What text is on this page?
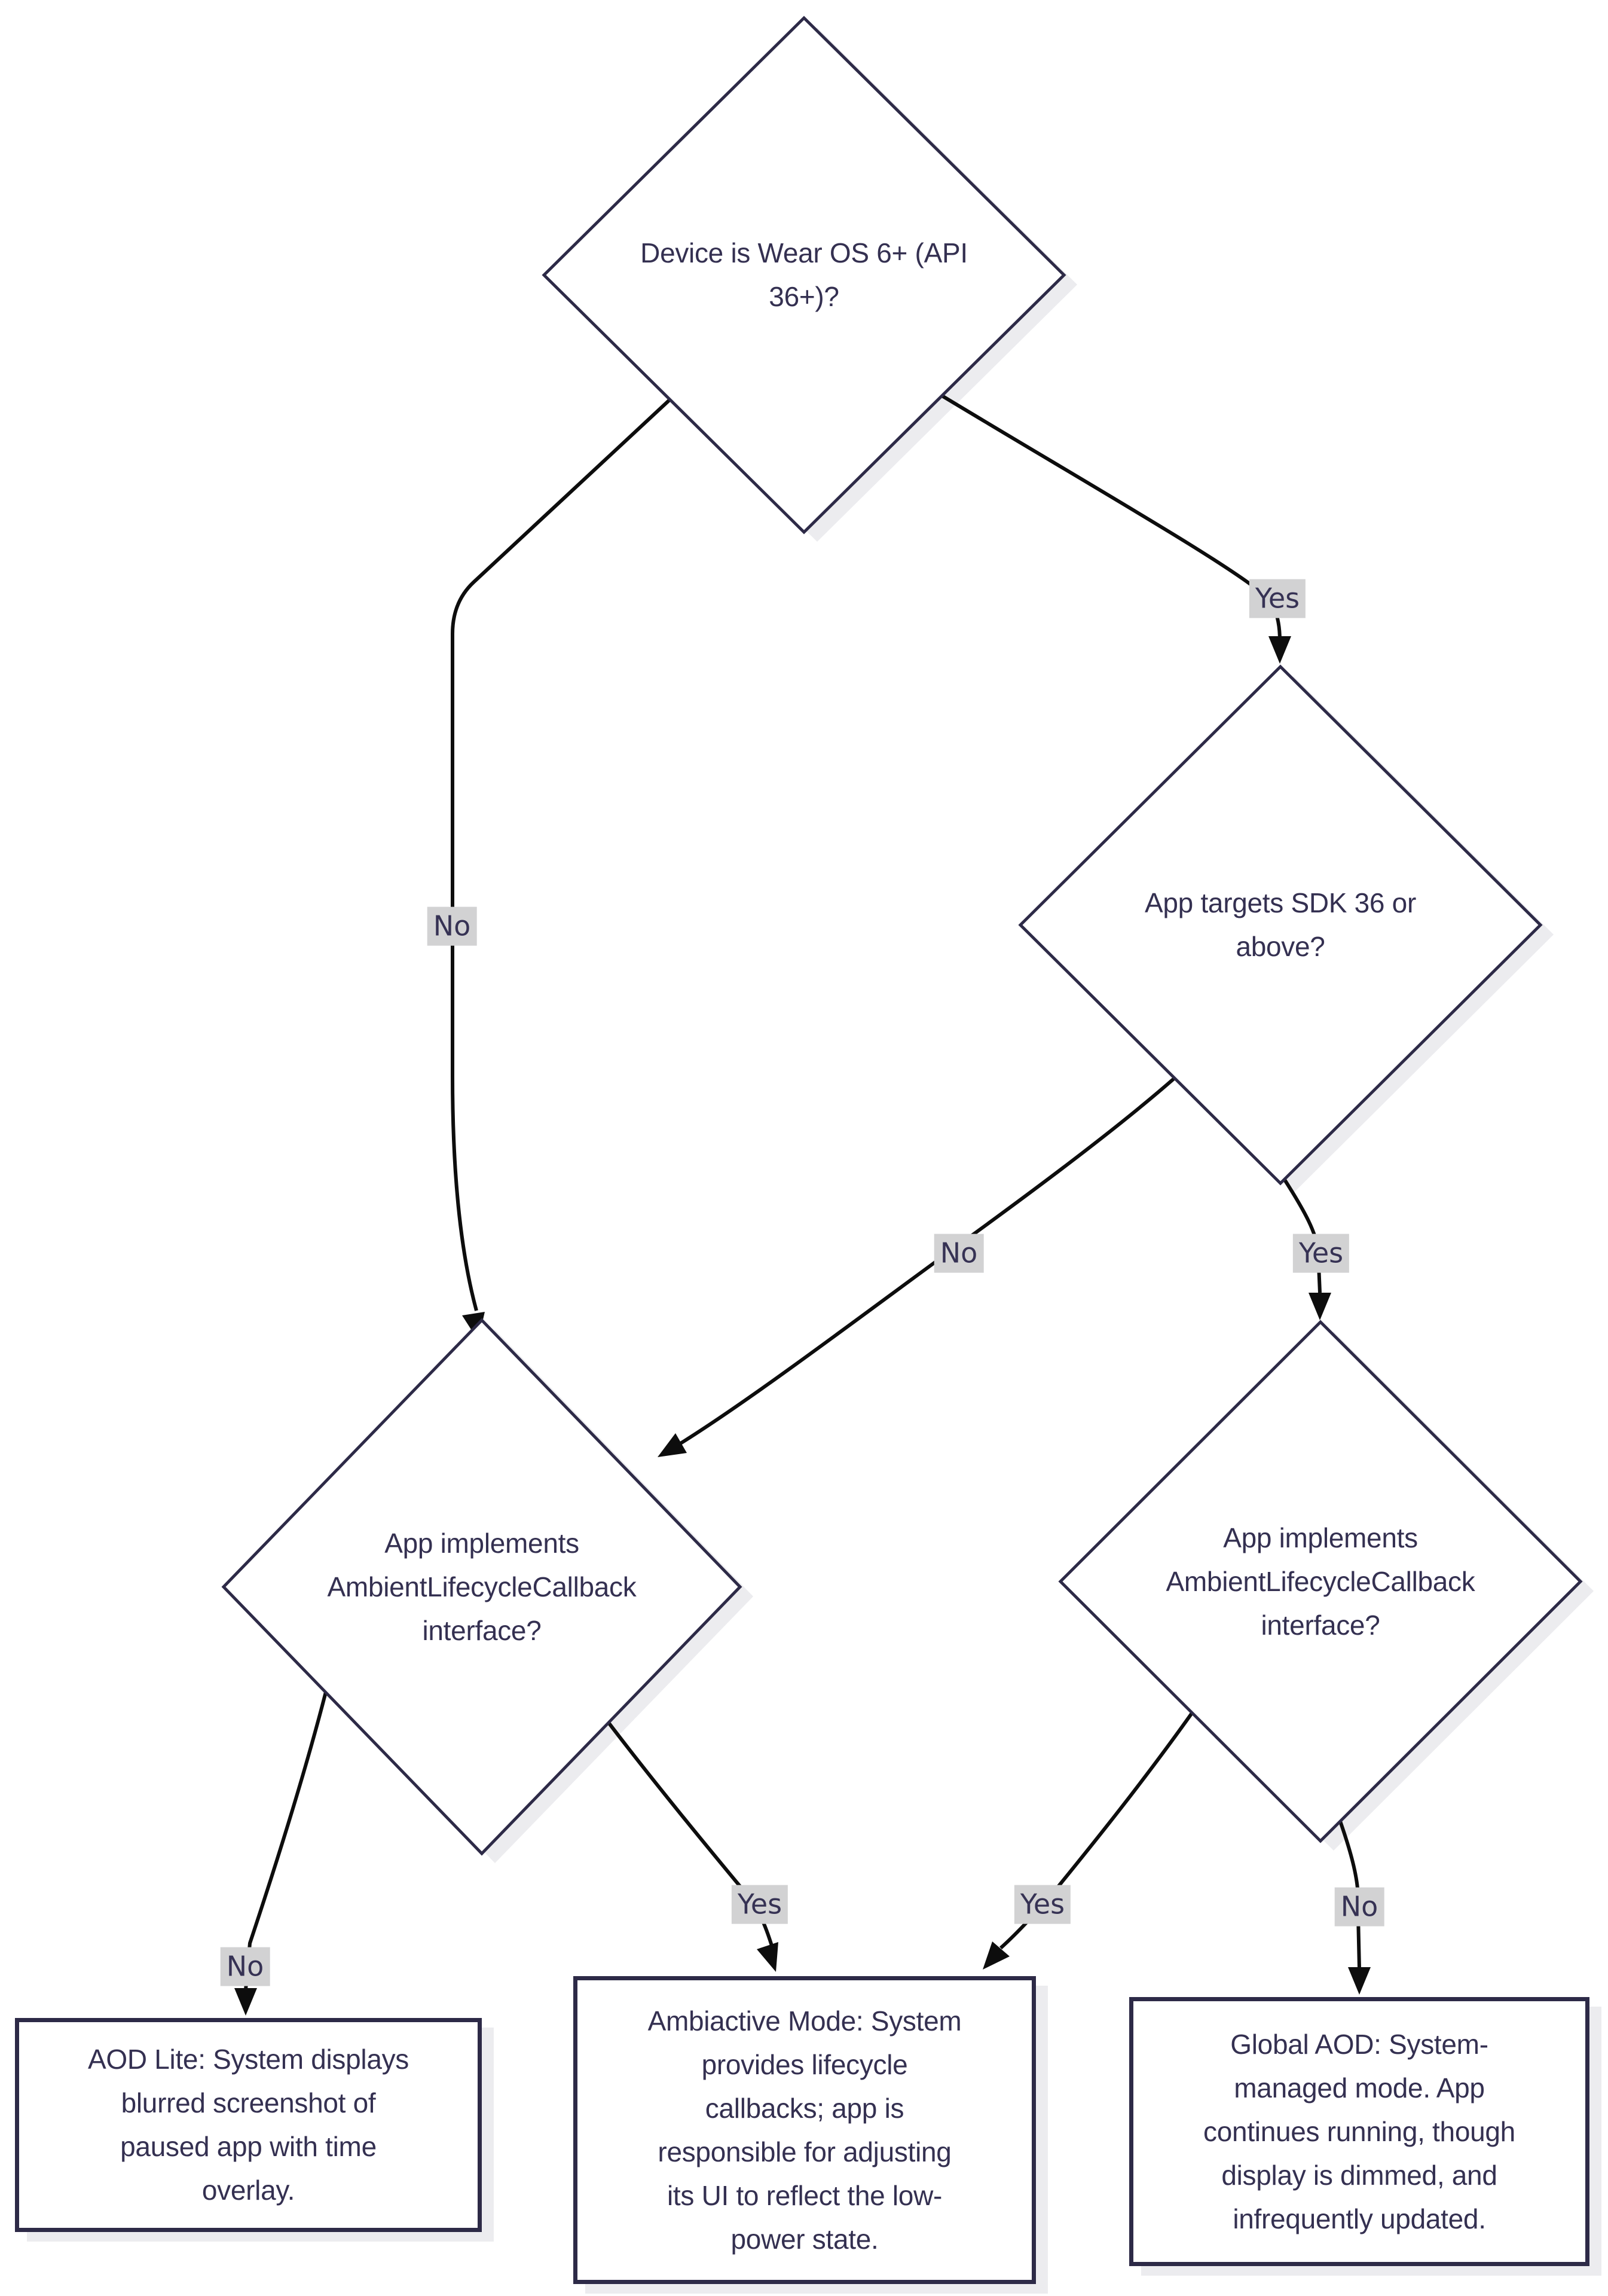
Device is Wear OS 6+ (API 36+)?
App targets SDK 36 or above?
App implements AmbientLifecycleCallback interface?
App implements AmbientLifecycleCallback interface?
AOD Lite: System displays blurred screenshot of paused app with time overlay.
Ambiactive Mode: System provides lifecycle callbacks; app is responsible for adjusting its UI to reflect the low-power state.
Global AOD: System-managed mode. App continues running, though display is dimmed, and infrequently updated.
Yes
No
No	Yes
No
Yes	Yes	No
